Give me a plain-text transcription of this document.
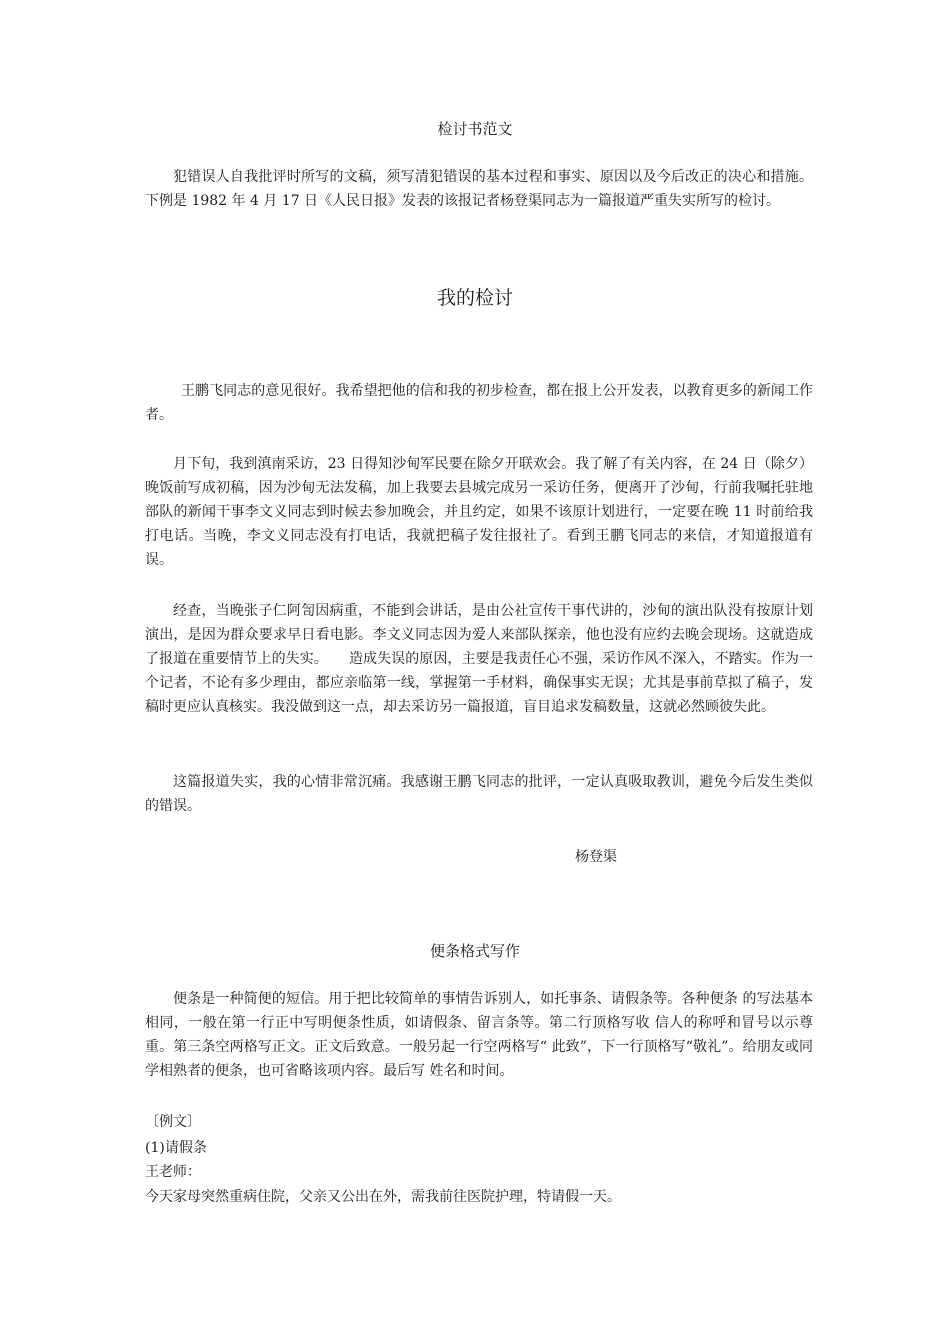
检讨书范文
犯错误人自我批评时所写的文稿，须写清犯错误的基本过程和事实、原因以及今后改正的决心和措施。下例是 1982 年 4 月 17 日《人民日报》发表的该报记者杨登渠同志为一篇报道严重失实所写的检讨。
我的检讨
王鹏飞同志的意见很好。我希望把他的信和我的初步检查，都在报上公开发表，以教育更多的新闻工作者。
月下旬，我到滇南采访，23 日得知沙甸军民要在除夕开联欢会。我了解了有关内容，在 24 日（除夕）晚饭前写成初稿，因为沙甸无法发稿，加上我要去县城完成另一采访任务，便离开了沙甸，行前我嘱托驻地部队的新闻干事李文义同志到时候去参加晚会，并且约定，如果不该原计划进行，一定要在晚 11 时前给我打电话。当晚，李文义同志没有打电话，我就把稿子发往报社了。看到王鹏飞同志的来信，才知道报道有误。
经查，当晚张子仁阿訇因病重，不能到会讲话，是由公社宣传干事代讲的，沙甸的演出队没有按原计划演出，是因为群众要求早日看电影。李文义同志因为爱人来部队探亲，他也没有应约去晚会现场。这就造成了报道在重要情节上的失实。　　造成失误的原因，主要是我责任心不强，采访作风不深入，不踏实。作为一个记者，不论有多少理由，都应亲临第一线，掌握第一手材料，确保事实无误；尤其是事前草拟了稿子，发稿时更应认真核实。我没做到这一点，却去采访另一篇报道，盲目追求发稿数量，这就必然顾彼失此。
这篇报道失实，我的心情非常沉痛。我感谢王鹏飞同志的批评，一定认真吸取教训，避免今后发生类似的错误。
杨登渠
便条格式写作
便条是一种简便的短信。用于把比较简单的事情告诉别人，如托事条、请假条等。各种便条 的写法基本相同，一般在第一行正中写明便条性质，如请假条、留言条等。第二行顶格写收 信人的称呼和冒号以示尊重。第三条空两格写正文。正文后致意。一般另起一行空两格写“ 此致”，下一行顶格写“敬礼”。给朋友或同学相熟者的便条，也可省略该项内容。最后写 姓名和时间。
〔例文〕
(1)请假条
王老师：
今天家母突然重病住院，父亲又公出在外，需我前往医院护理，特请假一天。
